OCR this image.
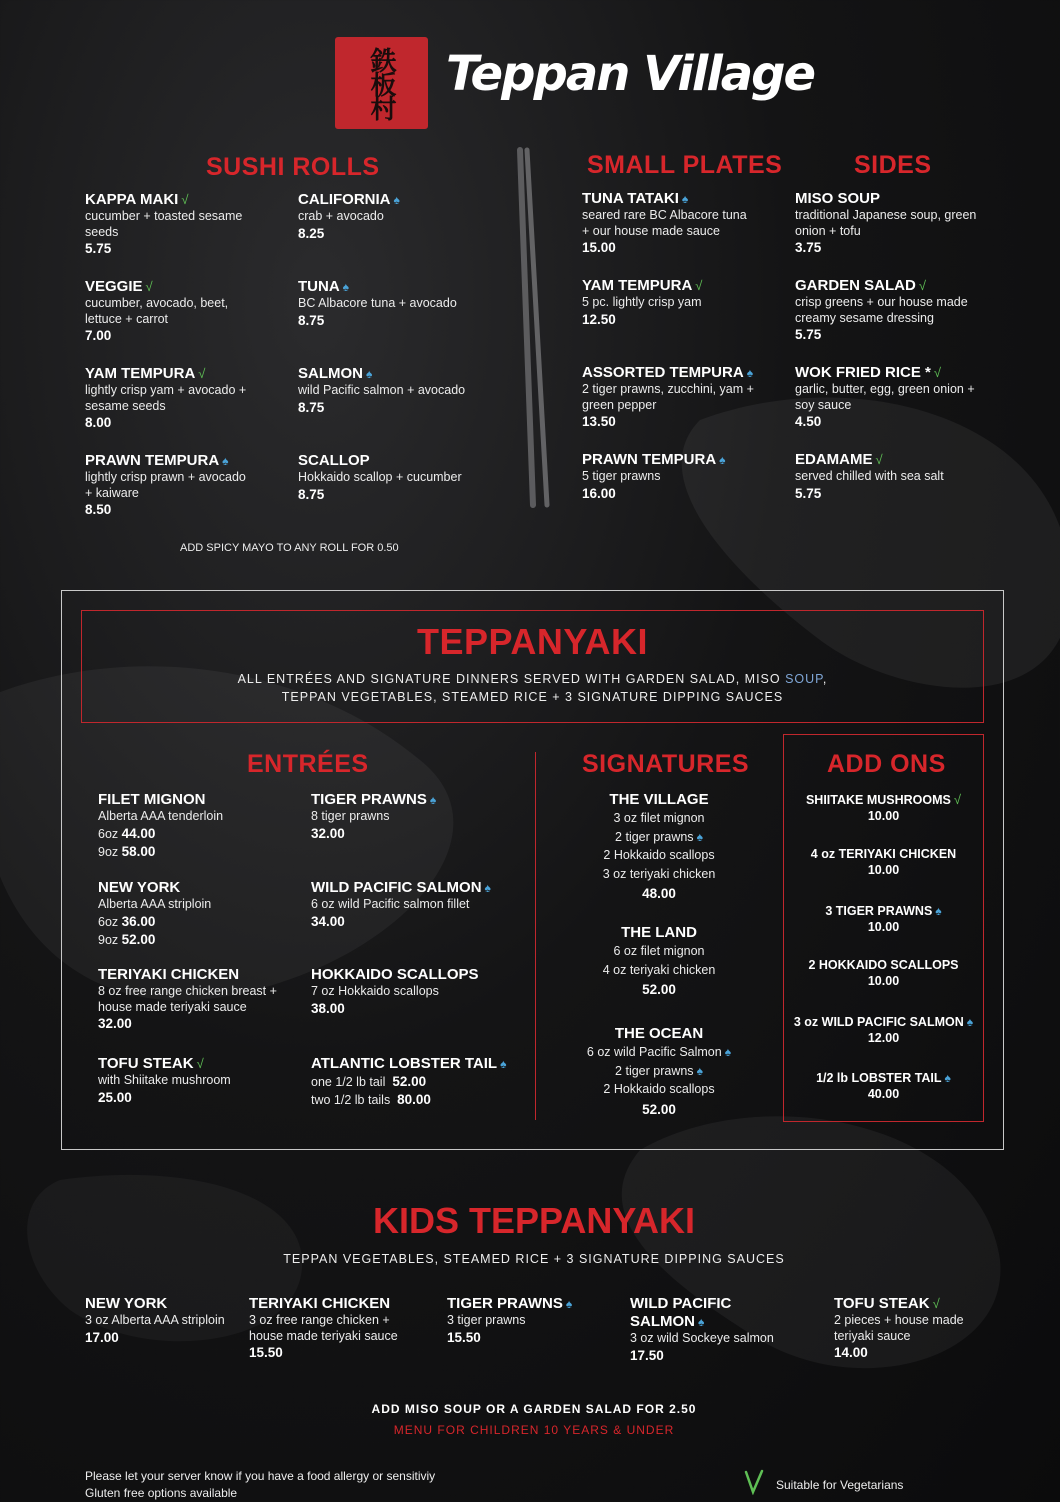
鉄板村 Teppan Village
SUSHI ROLLS
KAPPA MAKI √
cucumber + toasted sesame seeds
5.75
CALIFORNIA ♠
crab + avocado
8.25
VEGGIE √
cucumber, avocado, beet, lettuce + carrot
7.00
TUNA ♠
BC Albacore tuna + avocado
8.75
YAM TEMPURA √
lightly crisp yam + avocado + sesame seeds
8.00
SALMON ♠
wild Pacific salmon + avocado
8.75
PRAWN TEMPURA ♠
lightly crisp prawn + avocado + kaiware
8.50
SCALLOP
Hokkaido scallop + cucumber
8.75
ADD SPICY MAYO TO ANY ROLL FOR 0.50
SMALL PLATES
TUNA TATAKI ♠
seared rare BC Albacore tuna + our house made sauce
15.00
YAM TEMPURA √
5 pc. lightly crisp yam
12.50
ASSORTED TEMPURA ♠
2 tiger prawns, zucchini, yam + green pepper
13.50
PRAWN TEMPURA ♠
5 tiger prawns
16.00
SIDES
MISO SOUP
traditional Japanese soup, green onion + tofu
3.75
GARDEN SALAD √
crisp greens + our house made creamy sesame dressing
5.75
WOK FRIED RICE * √
garlic, butter, egg, green onion + soy sauce
4.50
EDAMAME √
served chilled with sea salt
5.75
TEPPANYAKI
ALL ENTRÉES AND SIGNATURE DINNERS SERVED WITH GARDEN SALAD, MISO SOUP,
TEPPAN VEGETABLES, STEAMED RICE + 3 SIGNATURE DIPPING SAUCES
ENTRÉES
FILET MIGNON
Alberta AAA tenderloin
6oz 44.00
9oz 58.00
NEW YORK
Alberta AAA striploin
6oz 36.00
9oz 52.00
TERIYAKI CHICKEN
8 oz free range chicken breast + house made teriyaki sauce
32.00
TOFU STEAK √
with Shiitake mushroom
25.00
TIGER PRAWNS ♠
8 tiger prawns
32.00
WILD PACIFIC SALMON ♠
6 oz wild Pacific salmon fillet
34.00
HOKKAIDO SCALLOPS
7 oz Hokkaido scallops
38.00
ATLANTIC LOBSTER TAIL ♠
one 1/2 lb tail  52.00
two 1/2 lb tails  80.00
SIGNATURES
THE VILLAGE
3 oz filet mignon
2 tiger prawns ♠
2 Hokkaido scallops
3 oz teriyaki chicken
48.00
THE LAND
6 oz filet mignon
4 oz teriyaki chicken
52.00
THE OCEAN
6 oz wild Pacific Salmon ♠
2 tiger prawns ♠
2 Hokkaido scallops
52.00
ADD ONS
SHIITAKE MUSHROOMS √
10.00
4 oz TERIYAKI CHICKEN
10.00
3 TIGER PRAWNS ♠
10.00
2 HOKKAIDO SCALLOPS
10.00
3 oz WILD PACIFIC SALMON ♠
12.00
1/2 lb LOBSTER TAIL ♠
40.00
KIDS TEPPANYAKI
TEPPAN VEGETABLES, STEAMED RICE + 3 SIGNATURE DIPPING SAUCES
NEW YORK
3 oz Alberta AAA striploin
17.00
TERIYAKI CHICKEN
3 oz free range chicken + house made teriyaki sauce
15.50
TIGER PRAWNS ♠
3 tiger prawns
15.50
WILD PACIFIC SALMON ♠
3 oz wild Sockeye salmon
17.50
TOFU STEAK √
2 pieces + house made teriyaki sauce
14.00
ADD MISO SOUP OR A GARDEN SALAD FOR 2.50
MENU FOR CHILDREN 10 YEARS & UNDER
Please let your server know if you have a food allergy or sensitiviy
Gluten free options available
Suitable for Vegetarians
